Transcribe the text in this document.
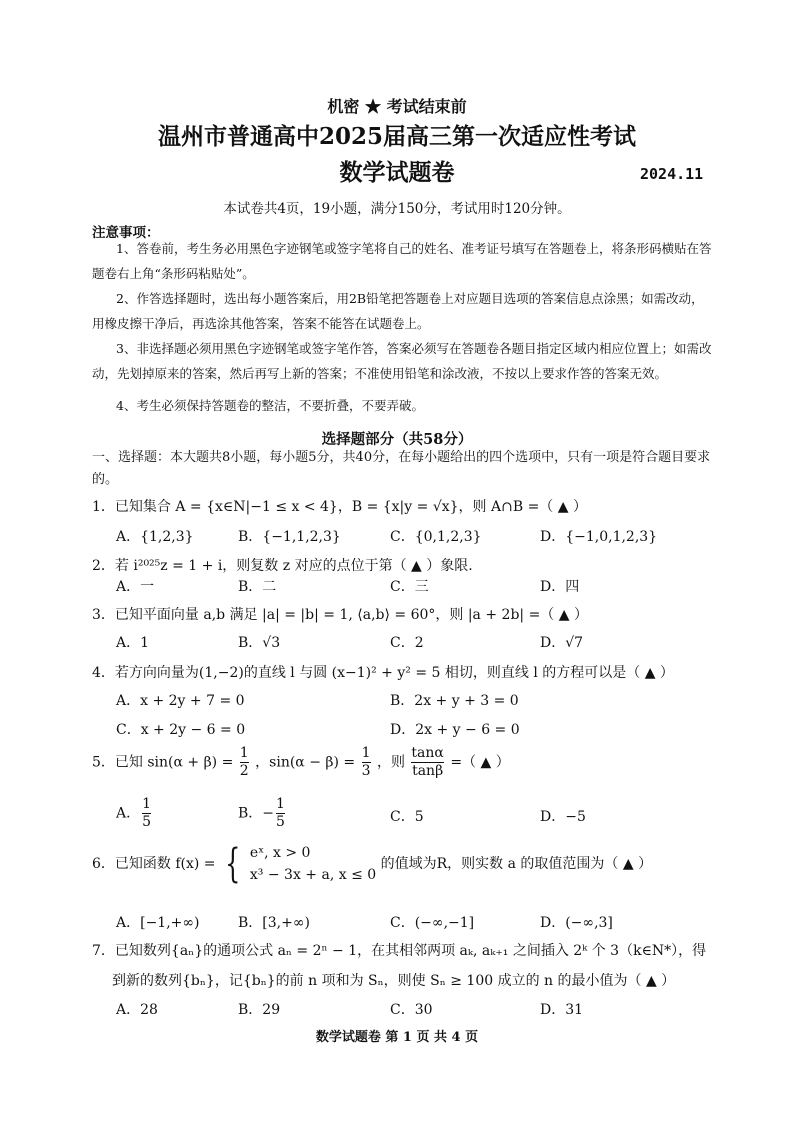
机密 ★ 考试结束前
温州市普通高中2025届高三第一次适应性考试
数学试题卷	2024.11
本试卷共4页，19小题，满分150分，考试用时120分钟。
注意事项：
1、答卷前，考生务必用黑色字迹钢笔或签字笔将自己的姓名、准考证号填写在答题卷上，将条形码横贴在答题卷右上角“条形码粘贴处”。
2、作答选择题时，选出每小题答案后，用2B铅笔把答题卷上对应题目选项的答案信息点涂黑；如需改动，用橡皮擦干净后，再选涂其他答案，答案不能答在试题卷上。
3、非选择题必须用黑色字迹钢笔或签字笔作答，答案必须写在答题卷各题目指定区域内相应位置上；如需改动，先划掉原来的答案，然后再写上新的答案；不准使用铅笔和涂改液，不按以上要求作答的答案无效。
4、考生必须保持答题卷的整洁，不要折叠，不要弄破。
选择题部分（共58分）
一、选择题：本大题共8小题，每小题5分，共40分，在每小题给出的四个选项中，只有一项是符合题目要求的。
1．已知集合 A = {x∈N|−1 ≤ x < 4}，B = {x|y = √x}，则 A∩B =（ ▲ ）
A．{1,2,3}	B．{−1,1,2,3}	C．{0,1,2,3}	D．{−1,0,1,2,3}
2．若 i²⁰²⁵z = 1 + i，则复数 z 对应的点位于第（ ▲ ）象限.
A．一	B．二	C．三	D．四
3．已知平面向量 a,b 满足 |a| = |b| = 1, ⟨a,b⟩ = 60°，则 |a + 2b| =（ ▲ ）
A．1	B．√3	C．2	D．√7
4．若方向向量为(1,−2)的直线 l 与圆 (x−1)² + y² = 5 相切，则直线 l 的方程可以是（ ▲ ）
A．x + 2y + 7 = 0	B．2x + y + 3 = 0
C．x + 2y − 6 = 0	D．2x + y − 6 = 0
5．已知 $\sin(\alpha + \beta) = \frac{1}{2}$ ，$\sin(\alpha - \beta) = \frac{1}{3}$ ，则 $\frac{\tan\alpha}{\tan\beta}$ =（ ▲ ）
A． $\frac{1}{5}$	B．− $\frac{1}{5}$	C．5	D．−5
6．已知函数 f(x) = { eˣ, x > 0
x³ − 3x + a, x ≤ 0
的值域为R，则实数 a 的取值范围为（ ▲ ）
A．[−1,+∞)	B．[3,+∞)	C．(−∞,−1]	D．(−∞,3]
7．已知数列{aₙ}的通项公式 aₙ = 2ⁿ − 1，在其相邻两项 aₖ, aₖ₊₁ 之间插入 2ᵏ 个 3（k∈N*），得
到新的数列{bₙ}，记{bₙ}的前 n 项和为 Sₙ，则使 Sₙ ≥ 100 成立的 n 的最小值为（ ▲ ）
A．28	B．29	C．30	D．31
数学试题卷 第 1 页 共 4 页
